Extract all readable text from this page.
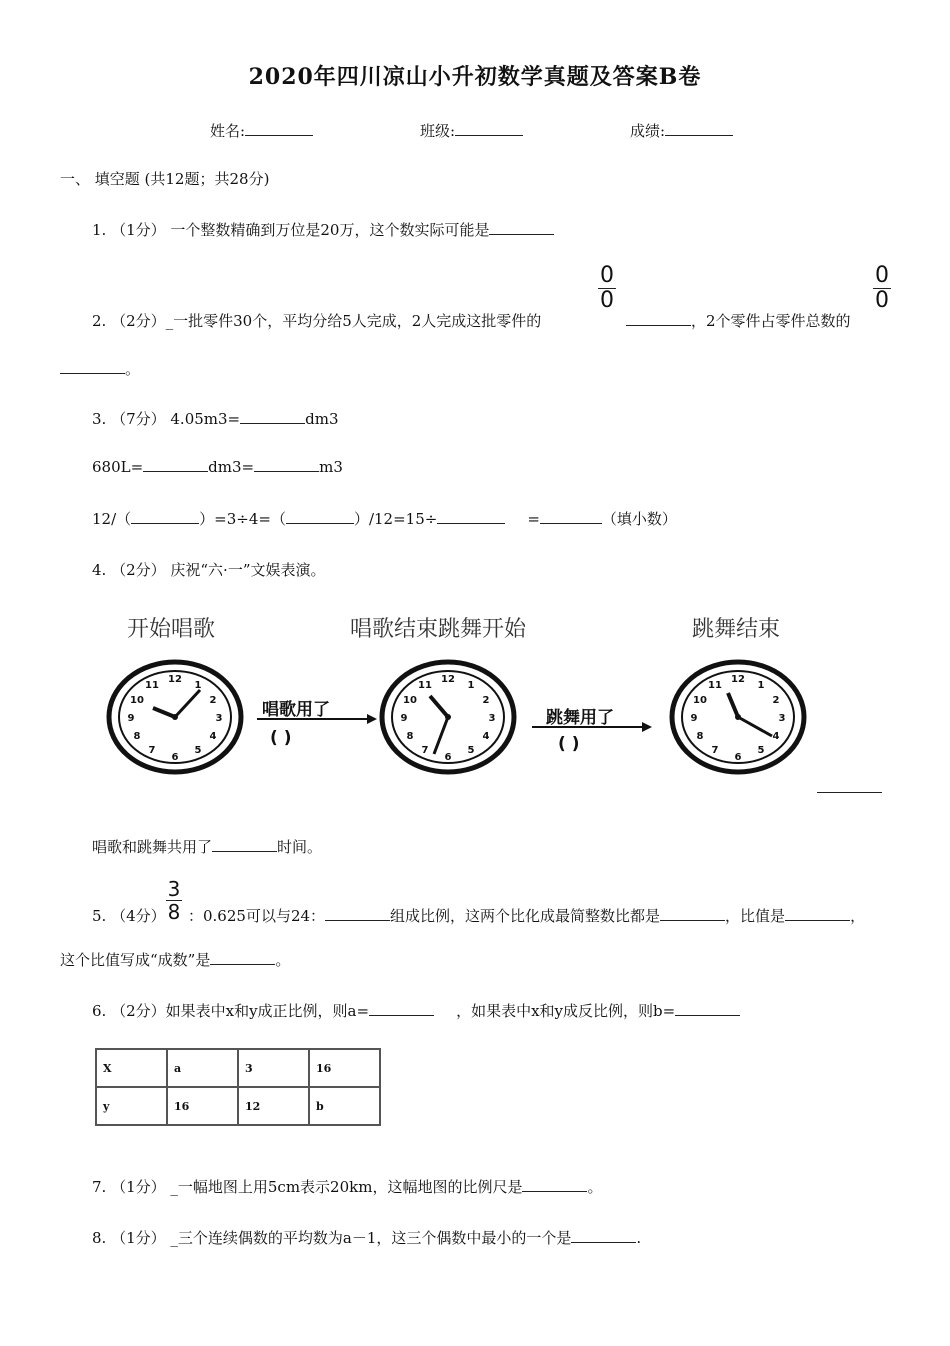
2020年四川凉山小升初数学真题及答案B卷
姓名:	班级:	成绩:
一、 填空题 (共12题；共28分)
1. （1分） 一个整数精确到万位是20万，这个数实际可能是
2. （2分）_一批零件30个，平均分给5人完成，2人完成这批零件的
0
0
，2个零件占零件总数的
0
0
。
3. （7分） 4.05m3=	dm3
680L=	dm3=	m3
12/（	）=3÷4=（	）/12=15÷	=	（填小数）
4. （2分） 庆祝“六·一”文娱表演。
开始唱歌	唱歌结束跳舞开始	跳舞结束
12
1
2
3
4
5
6
7
8
9
10
11
12
1
2
3
4
5
6
7
8
9
10
11
12
1
2
3
4
5
6
7
8
9
10
11
唱歌用了
( )
跳舞用了
( )
唱歌和跳舞共用了	时间。
5. （4分）
3
8 ：0.625可以与24：	组成比例，这两个比化成最简整数比都是	，比值是	，
这个比值写成“成数”是	。
6. （2分）如果表中x和y成正比例，则a=	，如果表中x和y成反比例，则b=
X	a	3	16
y	16	12	b
7. （1分） _一幅地图上用5cm表示20km，这幅地图的比例尺是	。
8. （1分） _三个连续偶数的平均数为a－1，这三个偶数中最小的一个是	.
